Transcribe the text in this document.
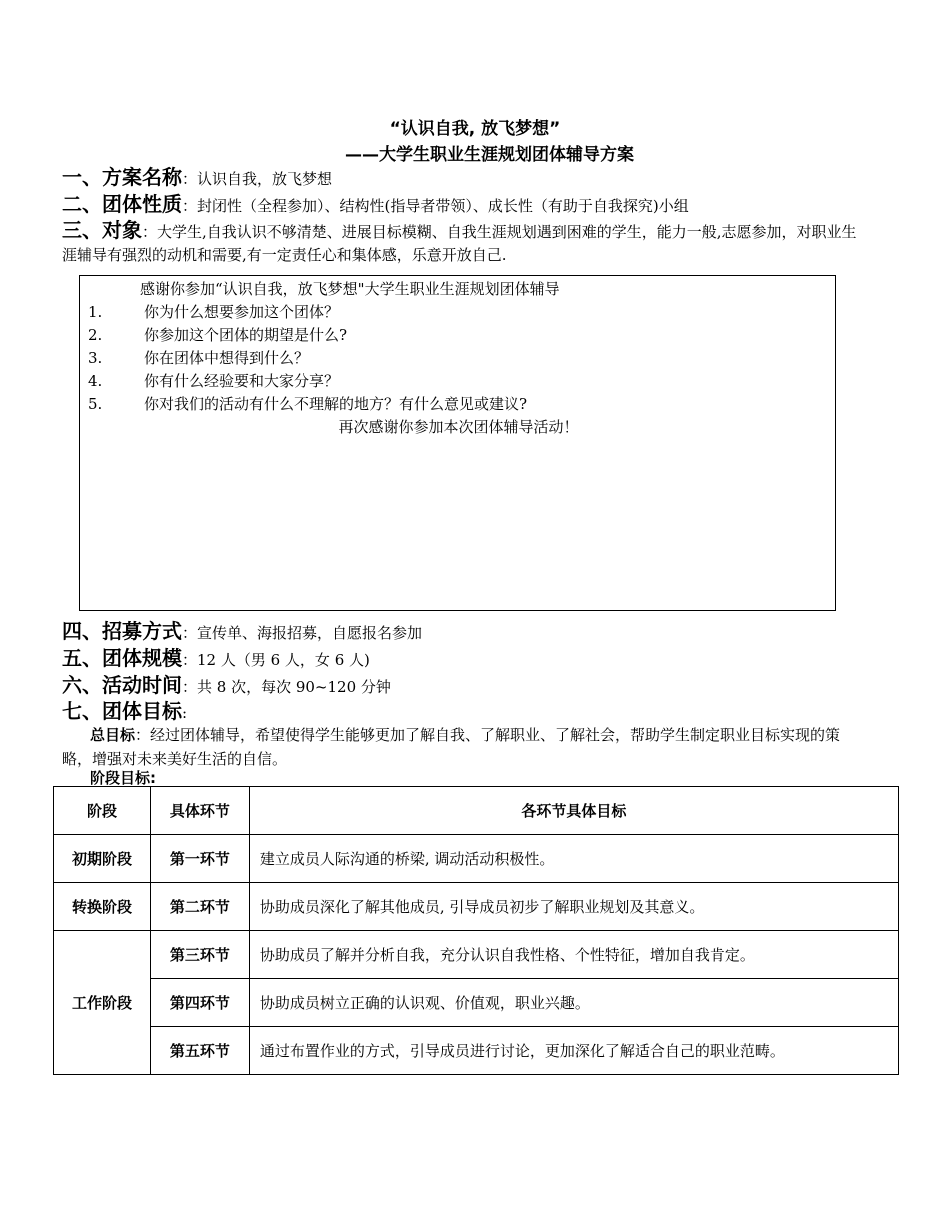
“认识自我, 放飞梦想”
——大学生职业生涯规划团体辅导方案
一、方案名称：认识自我，放飞梦想
二、团体性质：封闭性（全程参加）、结构性(指导者带领）、成长性（有助于自我探究)小组
三、对象：大学生,自我认识不够清楚、进展目标模糊、自我生涯规划遇到困难的学生，能力一般,志愿参加，对职业生涯辅导有强烈的动机和需要,有一定责任心和集体感，乐意开放自己.
感谢你参加“认识自我，放飞梦想"大学生职业生涯规划团体辅导
1.	你为什么想要参加这个团体？
2.	你参加这个团体的期望是什么?
3.	你在团体中想得到什么？
4.	你有什么经验要和大家分享？
5.	你对我们的活动有什么不理解的地方？有什么意见或建议?
再次感谢你参加本次团体辅导活动！
四、招募方式：宣传单、海报招募，自愿报名参加
五、团体规模：12 人（男 6 人，女 6 人)
六、活动时间：共 8 次，每次 90~120 分钟
七、团体目标:
总目标：经过团体辅导，希望使得学生能够更加了解自我、了解职业、了解社会，帮助学生制定职业目标实现的策略，增强对未来美好生活的自信。
阶段目标:
阶段	具体环节	各环节具体目标
初期阶段	第一环节	建立成员人际沟通的桥梁, 调动活动积极性。
转换阶段	第二环节	协助成员深化了解其他成员, 引导成员初步了解职业规划及其意义。
工作阶段	第三环节	协助成员了解并分析自我，充分认识自我性格、个性特征，增加自我肯定。
	第四环节	协助成员树立正确的认识观、价值观，职业兴趣。
	第五环节	通过布置作业的方式，引导成员进行讨论，更加深化了解适合自己的职业范畴。
